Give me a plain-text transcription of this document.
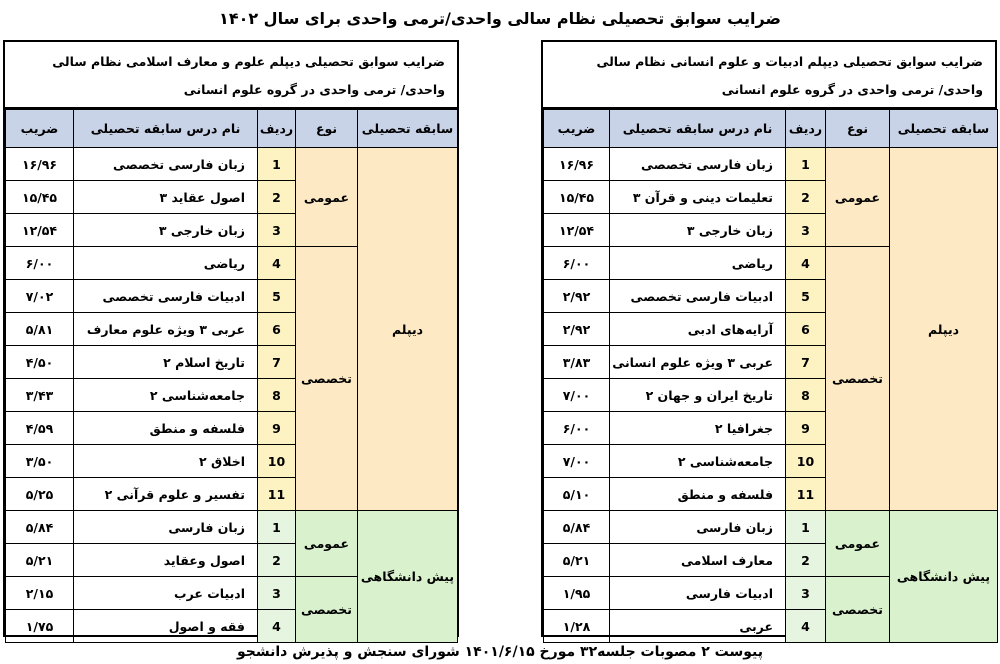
ضرایب سوابق تحصیلی نظام سالی واحدی/ترمی واحدی برای سال ۱۴۰۲
ضرایب سوابق تحصیلی دیپلم ادبیات و علوم انسانی نظام سالی واحدی/ ترمی واحدی در گروه علوم انسانی
سابقه تحصیلی	نوع	ردیف	نام درس سابقه تحصیلی	ضریب
دیپلم	عمومی	1	زبان فارسی تخصصی	۱۶/۹۶
		2	تعلیمات دینی و قرآن ۳	۱۵/۴۵
		3	زبان خارجی ۳	۱۲/۵۴
	تخصصی	4	ریاضی	۶/۰۰
		5	ادبیات فارسی تخصصی	۲/۹۲
		6	آرایه‌های ادبی	۲/۹۲
		7	عربی ۳ ویژه علوم انسانی	۳/۸۳
		8	تاریخ ایران و جهان ۲	۷/۰۰
		9	جغرافیا ۲	۶/۰۰
		10	جامعه‌شناسی ۲	۷/۰۰
		11	فلسفه و منطق	۵/۱۰
پیش دانشگاهی	عمومی	1	زبان فارسی	۵/۸۴
		2	معارف اسلامی	۵/۲۱
	تخصصی	3	ادبیات فارسی	۱/۹۵
		4	عربی	۱/۲۸
ضرایب سوابق تحصیلی دیپلم علوم و معارف اسلامی نظام سالی واحدی/ ترمی واحدی در گروه علوم انسانی
سابقه تحصیلی	نوع	ردیف	نام درس سابقه تحصیلی	ضریب
دیپلم	عمومی	1	زبان فارسی تخصصی	۱۶/۹۶
		2	اصول عقاید ۳	۱۵/۴۵
		3	زبان خارجی ۳	۱۲/۵۴
	تخصصی	4	ریاضی	۶/۰۰
		5	ادبیات فارسی تخصصی	۷/۰۲
		6	عربی ۳ ویژه علوم معارف	۵/۸۱
		7	تاریخ اسلام ۲	۴/۵۰
		8	جامعه‌شناسی ۲	۳/۴۳
		9	فلسفه و منطق	۴/۵۹
		10	اخلاق ۲	۳/۵۰
		11	تفسیر و علوم قرآنی ۲	۵/۲۵
پیش دانشگاهی	عمومی	1	زبان فارسی	۵/۸۴
		2	اصول وعقاید	۵/۲۱
	تخصصی	3	ادبیات عرب	۲/۱۵
		4	فقه و اصول	۱/۷۵
پیوست ۲ مصوبات جلسه۳۲ مورخ ۱۴۰۱/۶/۱۵ شورای سنجش و پذیرش دانشجو
